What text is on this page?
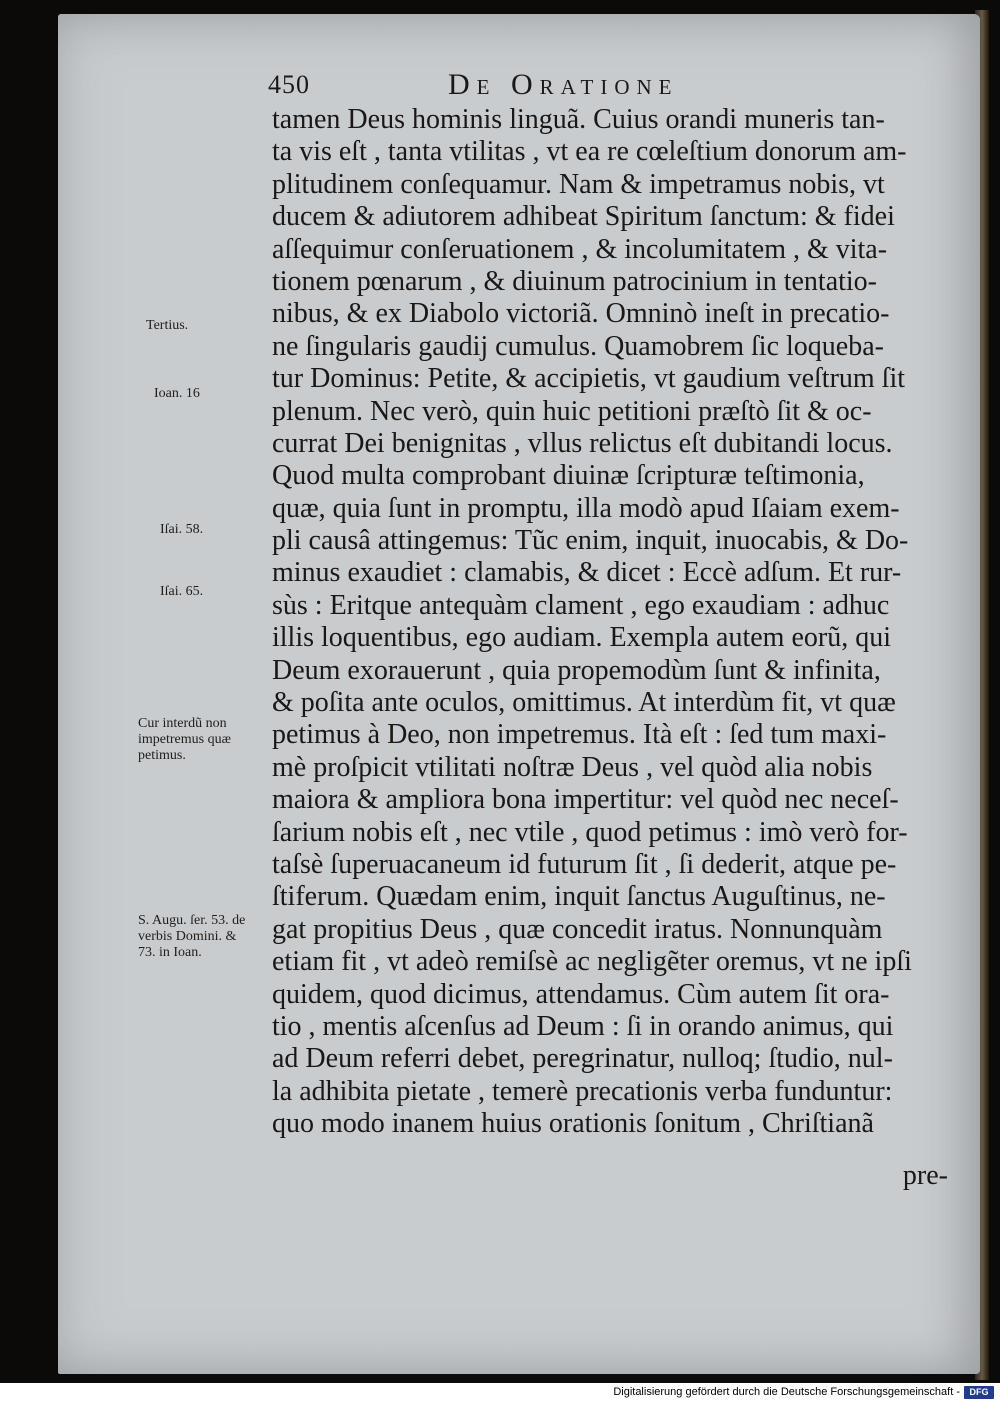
450	De Oratione
tamen Deus hominis linguã. Cuius orandi muneris tan-
ta vis eſt , tanta vtilitas , vt ea re cœleſtium donorum am-
plitudinem conſequamur. Nam & impetramus nobis, vt
ducem & adiutorem adhibeat Spiritum ſanctum: & fidei
aſſequimur conſeruationem , & incolumitatem , & vita-
tionem pœnarum , & diuinum patrocinium in tentatio-
nibus, & ex Diabolo victoriã. Omninò ineſt in precatio-
ne ſingularis gaudij cumulus. Quamobrem ſic loqueba-
tur Dominus: Petite, & accipietis, vt gaudium veſtrum ſit
plenum. Nec verò, quin huic petitioni præſtò ſit & oc-
currat Dei benignitas , vllus relictus eſt dubitandi locus.
Quod multa comprobant diuinæ ſcripturæ teſtimonia,
quæ, quia ſunt in promptu, illa modò apud Iſaiam exem-
pli causâ attingemus: Tũc enim, inquit, inuocabis, & Do-
minus exaudiet : clamabis, & dicet : Eccè adſum. Et rur-
sùs : Eritque antequàm clament , ego exaudiam : adhuc
illis loquentibus, ego audiam. Exempla autem eorũ, qui
Deum exorauerunt , quia propemodùm ſunt & infinita,
& poſita ante oculos, omittimus. At interdùm fit, vt quæ
petimus à Deo, non impetremus. Ità eſt : ſed tum maxi-
mè proſpicit vtilitati noſtræ Deus , vel quòd alia nobis
maiora & ampliora bona impertitur: vel quòd nec neceſ-
ſarium nobis eſt , nec vtile , quod petimus : imò verò for-
taſsè ſuperuacaneum id futurum ſit , ſi dederit, atque pe-
ſtiferum. Quædam enim, inquit ſanctus Auguſtinus, ne-
gat propitius Deus , quæ concedit iratus. Nonnunquàm
etiam fit , vt adeò remiſsè ac negligẽter oremus, vt ne ipſi
quidem, quod dicimus, attendamus. Cùm autem ſit ora-
tio , mentis aſcenſus ad Deum : ſi in orando animus, qui
ad Deum referri debet, peregrinatur, nulloq; ſtudio, nul-
la adhibita pietate , temerè precationis verba funduntur:
quo modo inanem huius orationis ſonitum , Chriſtianã
pre-
Tertius.
Ioan. 16
Iſai. 58.
Iſai. 65.
Cur interdũ non
impetremus quæ
petimus.
S. Augu. ſer. 53. de
verbis Domini. &
73. in Ioan.
Digitalisierung gefördert durch die Deutsche Forschungsgemeinschaft -	DFG
